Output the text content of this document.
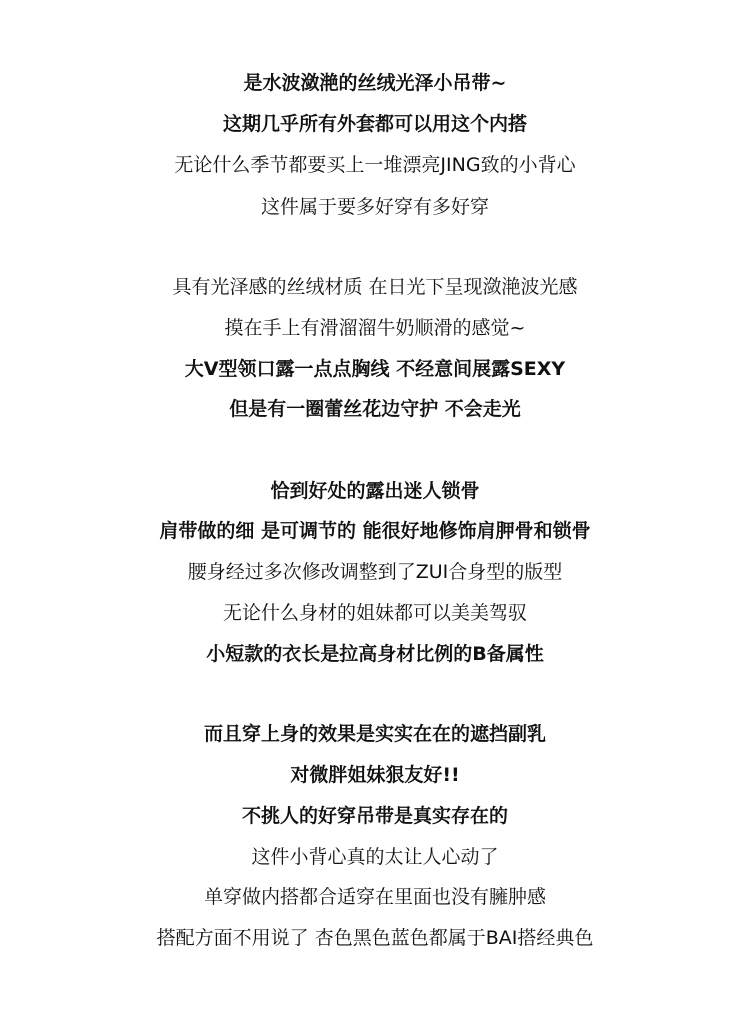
是水波潋滟的丝绒光泽小吊带~
这期几乎所有外套都可以用这个内搭
无论什么季节都要买上一堆漂亮JING致的小背心
这件属于要多好穿有多好穿
具有光泽感的丝绒材质 在日光下呈现潋滟波光感
摸在手上有滑溜溜牛奶顺滑的感觉~
大V型领口露一点点胸线 不经意间展露SEXY
但是有一圈蕾丝花边守护 不会走光
恰到好处的露出迷人锁骨
肩带做的细 是可调节的 能很好地修饰肩胛骨和锁骨
腰身经过多次修改调整到了ZUI合身型的版型
无论什么身材的姐妹都可以美美驾驭
小短款的衣长是拉高身材比例的B备属性
而且穿上身的效果是实实在在的遮挡副乳
对微胖姐妹狠友好!!
不挑人的好穿吊带是真实存在的
这件小背心真的太让人心动了
单穿做内搭都合适穿在里面也没有臃肿感
搭配方面不用说了 杏色黑色蓝色都属于BAI搭经典色
